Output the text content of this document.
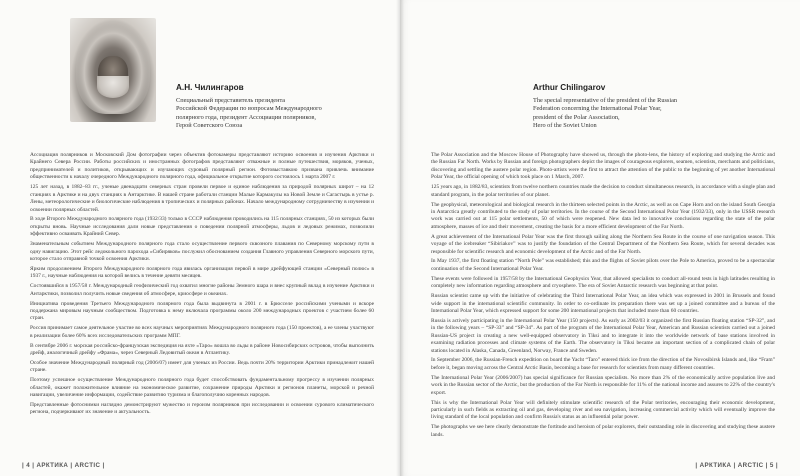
А.Н. Чилингаров
Специальный представитель президента
Российской Федерации по вопросам Международного
полярного года, президент Ассоциации полярников,
Герой Советского Союза

Ассоциация полярников и Московский Дом фотографии через объектив фотокамеры представляют историю освоения и изучения Арктики и Крайнего Севера России. Работы российских и иностранных фотографов представляют отважные и полные путешествия, моряков, ученых, предпринимателей и политиков, открывающих и изучающих суровый полярный регион. Фотовыставкою призвана привлечь внимание общественности к началу очередного Международного полярного года, официальное открытие которого состоялось 1 марта 2007 г.

125 лет назад, в 1882–83 гг., ученые двенадцати северных стран провели первое и единое наблюдения за природой полярных широт – на 12 станциях в Арктике и на двух станциях в Антарктике. В нашей стране работали станции Малые Кармакулы на Новой Земле и Сагастырь в устье р. Лены, метеорологические и биологические наблюдения в тропических и полярных районах. Начало международному сотрудничеству в изучении и освоении полярных областей.

В ходе Второго Международного полярного года (1932/33) только в СССР наблюдения проводились на 115 полярных станциях, 50 из которых были открыты вновь. Научные исследования дали новые представления о поведении полярной атмосферы, льдов и ледовых режимах, позволили эффективно осваивать Крайний Север.

Знаменательным событием Международного полярного года стало осуществление первого сквозного плавания по Северному морскому пути в одну навигацию. Этот рейс ледокольного парохода «Сибиряков» послужил обоснованием создания Главного управления Северного морского пути, которое стало отправной точкой освоения Арктики.

Ярким продолжением Второго Международного полярного года явилась организация первой в мире дрейфующей станции «Северный полюс» в 1937 г., научные наблюдения на которой велись в течение девяти месяцев.

Состоявшийся в 1957/58 г. Международный геофизический год охватил многие районы Земного шара и внес крупный вклад в изучение Арктики и Антарктики, позволил получить новые сведения об атмосфере, криосфере и океанах.

Инициатива проведения Третьего Международного полярного года была выдвинута в 2001 г. в Брюсселе российскими учеными и вскоре поддержана мировым научным сообществом. Подготовка к нему включала программы около 200 международных проектов с участием более 60 стран.

Россия принимает самое деятельное участие во всех научных мероприятиях Международного полярного года (150 проектов), а ее члены участвуют в реализации более 60% всех исследовательских программ МПГ.

В сентябре 2006 г. морская российско-французская экспедиция на яхте «Таро» вошла во льды в районе Новосибирских островов, чтобы выполнить дрейф, аналогичный дрейфу «Фрама», через Северный Ледовитый океан в Атлантику.

Особое значение Международный полярный год (2006/07) имеет для ученых из России. Ведь почти 20% территории Арктики принадлежит нашей стране.

Поэтому успешное осуществление Международного полярного года будет способствовать фундаментальному прогрессу в изучении полярных областей, окажет положительное влияние на экономическое развитие, сохранение природы Арктики и регионов планеты, морской и речной навигации, увеличение информации, содействие развитию туризма и благополучию коренных народов.

Представленные фотоснимки наглядно демонстрируют мужество и героизм полярников при исследовании и освоении сурового климатического региона, подчеркивают их значение и актуальность.

| 4 | АРКТИКА | ARCTIC |
Arthur Chilingarov
The special representative of the president of the Russian
Federation concerning the International Polar Year,
president of the Polar Association,
Hero of the Soviet Union

The Polar Association and the Moscow House of Photography have showed us, through the photo-lens, the history of exploring and studying the Arctic and the Russian Far North. Works by Russian and foreign photographers depict the images of courageous explorers, seamen, scientists, merchants and politicians, discovering and settling the austere polar region. Photo-artists were the first to attract the attention of the public to the beginning of yet another International Polar Year, the official opening of which took place on 1 March, 2007.

125 years ago, in 1882/83, scientists from twelve northern countries made the decision to conduct simultaneous research, in accordance with a single plan and standard program, in the polar territories of our planet.

The geophysical, meteorological and biological research in the thirteen selected points in the Arctic, as well as on Cape Horn and on the island South Georgia in Antarctica greatly contributed to the study of polar territories. In the course of the Second International Polar Year (1932/33), only in the USSR research work was carried out at 115 polar settlements, 50 of which were reopened. New data led to innovative conclusions regarding the state of the polar atmosphere, masses of ice and their movement, creating the basis for a more efficient development of the Far North.

A great achievement of the International Polar Year was the first through sailing along the Northern Sea Route in the course of one navigation season. This voyage of the icebreaker “Sibiriakov” was to justify the foundation of the Central Department of the Northern Sea Route, which for several decades was responsible for scientific research and economic development of the Arctic and of the Far North.

In May 1937, the first floating station “North Pole” was established; this and the flights of Soviet pilots over the Pole to America, proved to be a spectacular continuation of the Second International Polar Year.

These events were followed in 1957/58 by the International Geophysics Year, that allowed specialists to conduct all-round tests in high latitudes resulting in completely new information regarding atmosphere and cryosphere. The era of Soviet Antarctic research was beginning at that point.

Russian scientist came up with the initiative of celebrating the Third International Polar Year, an idea which was expressed in 2001 in Brussels and found wide support in the international scientific community. In order to co-ordinate its preparation there was set up a joined committee and a bureau of the International Polar Year, which expressed support for some 200 international projects that included more than 60 countries.

Russia is actively participating in the International Polar Year (150 projects). As early as 2002/03 it organized the first Russian floating station “SP-32”, and in the following years – “SP-33” and “SP-34”. As part of the program of the International Polar Year, American and Russian scientists carried out a joined Russian-US project in creating a new well-equipped observatory in Tiksi and to integrate it into the worldwide network of base stations involved in examining radiation processes and climate systems of the Earth. The observatory in Tiksi became an important section of a complicated chain of polar stations located in Alaska, Canada, Greenland, Norway, France and Sweden.

In September 2006, the Russian-French expedition on board the Yacht “Taro” entered thick ice from the direction of the Novosibirsk Islands and, like “Fram” before it, began moving across the Central Arctic Basin, becoming a base for research for scientists from many different countries.

The International Polar Year (2006/2007) has special significance for Russian specialists. No more than 2% of the economically active population live and work in the Russian sector of the Arctic, but the production of the Far North is responsible for 11% of the national income and assures to 22% of the country's export.

This is why the International Polar Year will definitely stimulate scientific research of the Polar territories, encouraging their economic development, particularly in such fields as extracting oil and gas, developing river and sea navigation, increasing commercial activity which will eventually improve the living standard of the local population and confirm Russia's status as an influential polar power.

The photographs we see here clearly demonstrate the fortitude and heroism of polar explorers, their outstanding role in discovering and studying these austere lands.

| АРКТИКА | ARCTIC | 5 |
